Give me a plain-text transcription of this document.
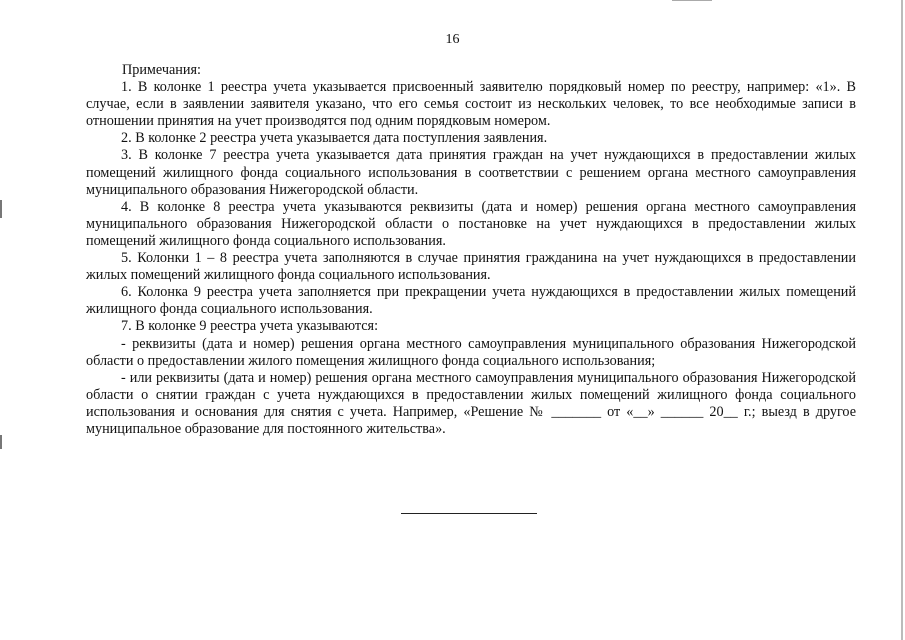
16

Примечания:

1. В колонке 1 реестра учета указывается присвоенный заявителю порядковый номер по реестру, например: «1». В случае, если в заявлении заявителя указано, что его семья состоит из нескольких человек, то все необходимые записи в отношении принятия на учет производятся под одним порядковым номером.

2. В колонке 2 реестра учета указывается дата поступления заявления.

3. В колонке 7 реестра учета указывается дата принятия граждан на учет нуждающихся в предоставлении жилых помещений жилищного фонда социального использования в соответствии с решением органа местного самоуправления муниципального образования Нижегородской области.

4. В колонке 8 реестра учета указываются реквизиты (дата и номер) решения органа местного самоуправления муниципального образования Нижегородской области о постановке на учет нуждающихся в предоставлении жилых помещений жилищного фонда социального использования.

5. Колонки 1 – 8 реестра учета заполняются в случае принятия гражданина на учет нуждающихся в предоставлении жилых помещений жилищного фонда социального использования.

6. Колонка 9 реестра учета заполняется при прекращении учета нуждающихся в предоставлении жилых помещений жилищного фонда социального использования.

7. В колонке 9 реестра учета указываются:

- реквизиты (дата и номер) решения органа местного самоуправления муниципального образования Нижегородской области о предоставлении жилого помещения жилищного фонда социального использования;

- или реквизиты (дата и номер) решения органа местного самоуправления муниципального образования Нижегородской области о снятии граждан с учета нуждающихся в предоставлении жилых помещений жилищного фонда социального использования и основания для снятия с учета. Например, «Решение № _______ от «__» ______ 20__ г.; выезд в другое муниципальное образование для постоянного жительства».
